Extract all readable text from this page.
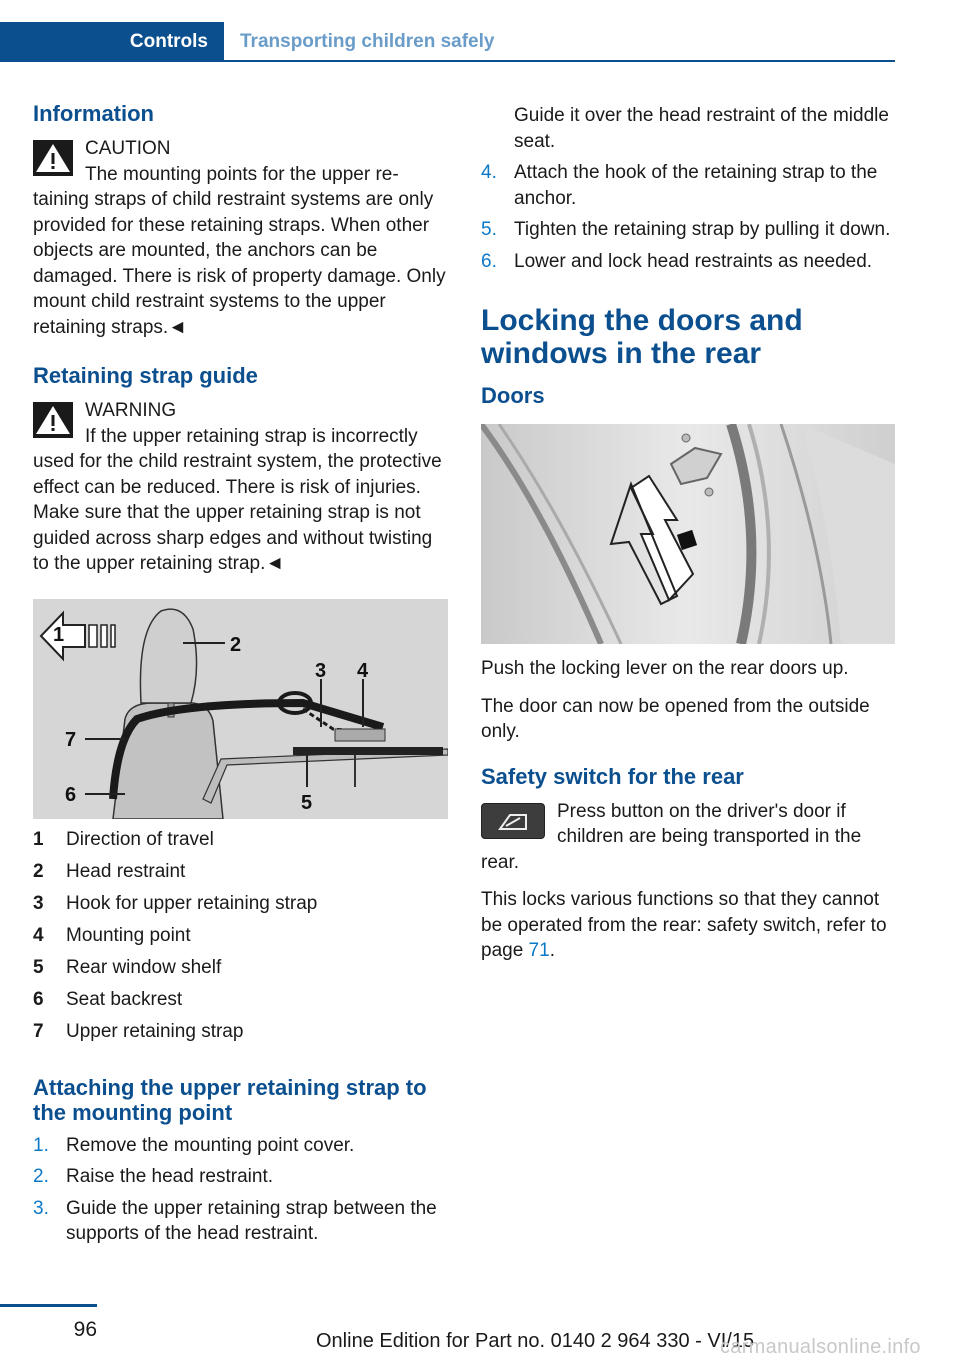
Controls	Transporting children safely
Information
CAUTION
The mounting points for the upper retaining straps of child restraint systems are only provided for these retaining straps. When other objects are mounted, the anchors can be damaged. There is risk of property damage. Only mount child restraint systems to the upper retaining straps.◄
Retaining strap guide
WARNING
If the upper retaining strap is incorrectly used for the child restraint system, the protective effect can be reduced. There is risk of injuries. Make sure that the upper retaining strap is not guided across sharp edges and without twisting to the upper retaining strap.◄
1	2
3 4
5
6
7
1	Direction of travel
2	Head restraint
3	Hook for upper retaining strap
4	Mounting point
5	Rear window shelf
6	Seat backrest
7	Upper retaining strap
Attaching the upper retaining strap to the mounting point
1. Remove the mounting point cover.
2. Raise the head restraint.
3. Guide the upper retaining strap between the supports of the head restraint.
Guide it over the head restraint of the middle seat.
4. Attach the hook of the retaining strap to the anchor.
5. Tighten the retaining strap by pulling it down.
6. Lower and lock head restraints as needed.
Locking the doors and windows in the rear
Doors

Push the locking lever on the rear doors up.

The door can now be opened from the outside only.

Safety switch for the rear

Press button on the driver's door if children are being transported in the rear.

This locks various functions so that they cannot be operated from the rear: safety switch, refer to page 71.

96	Online Edition for Part no. 0140 2 964 330 - VI/15
carmanualsonline.info
